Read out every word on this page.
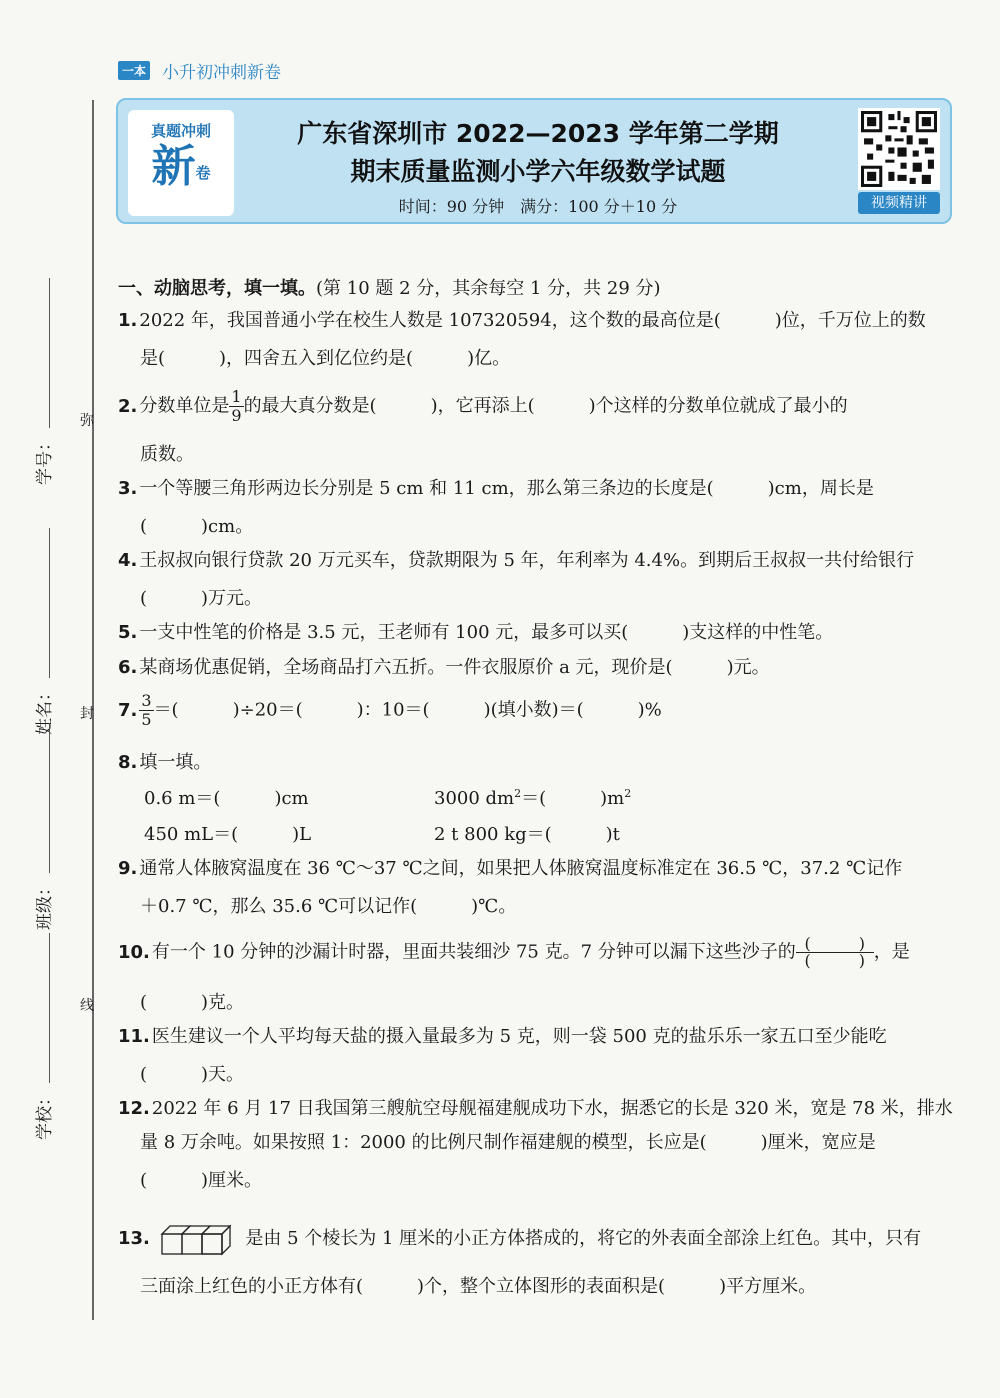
一本 小升初冲刺新卷
学号：
姓名：
班级：
学校：
弥
封
线
真题冲刺
新卷
广东省深圳市 2022—2023 学年第二学期
期末质量监测小学六年级数学试题
时间：90 分钟　满分：100 分＋10 分	视频精讲
一、动脑思考，填一填。(第 10 题 2 分，其余每空 1 分，共 29 分)
1. 2022 年，我国普通小学在校生人数是 107320594，这个数的最高位是(　　　)位，千万位上的数
是(　　　)，四舍五入到亿位约是(　　　)亿。
2. 分数单位是 $\frac{1}{9}$ 的最大真分数是(　　　)，它再添上(　　　)个这样的分数单位就成了最小的
质数。
3. 一个等腰三角形两边长分别是 5 cm 和 11 cm，那么第三条边的长度是(　　　)cm，周长是
(　　　)cm。
4. 王叔叔向银行贷款 20 万元买车，贷款期限为 5 年，年利率为 4.4%。到期后王叔叔一共付给银行
(　　　)万元。
5. 一支中性笔的价格是 3.5 元，王老师有 100 元，最多可以买(　　　)支这样的中性笔。
6. 某商场优惠促销，全场商品打六五折。一件衣服原价 a 元，现价是(　　　)元。
7. $\frac{3}{5}$ ＝(　　　)÷20＝(　　　)：10＝(　　　)(填小数)＝(　　　)%
8. 填一填。
0.6 m＝(　　　)cm	3000 $dm^2=$(　　　)$m^2$
450 mL＝(　　　)L	2 t 800 kg＝(　　　)t
9. 通常人体腋窝温度在 36 ℃～37 ℃之间，如果把人体腋窝温度标准定在 36.5 ℃，37.2 ℃记作
＋0.7 ℃，那么 35.6 ℃可以记作(　　　)℃。
10. 有一个 10 分钟的沙漏计时器，里面共装细沙 75 克。7 分钟可以漏下这些沙子的 (　　　)
(　　　) ，是
(　　　)克。
11. 医生建议一个人平均每天盐的摄入量最多为 5 克，则一袋 500 克的盐乐乐一家五口至少能吃
(　　　)天。
12. 2022 年 6 月 17 日我国第三艘航空母舰福建舰成功下水，据悉它的长是 320 米，宽是 78 米，排水
量 8 万余吨。如果按照 1：2000 的比例尺制作福建舰的模型，长应是(　　　)厘米，宽应是
(　　　)厘米。
13.	是由 5 个棱长为 1 厘米的小正方体搭成的，将它的外表面全部涂上红色。其中，只有
三面涂上红色的小正方体有(　　　)个，整个立体图形的表面积是(　　　)平方厘米。
